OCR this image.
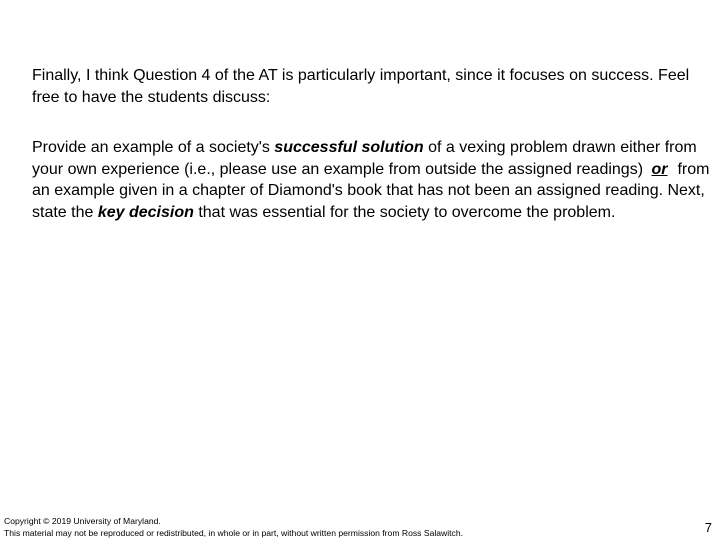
Finally, I think Question 4 of the AT is particularly important, since it focuses on success. Feel free to have the students discuss:

Provide an example of a society's successful solution of a vexing problem drawn either from your own experience (i.e., please use an example from outside the assigned readings) or from an example given in a chapter of Diamond's book that has not been an assigned reading. Next, state the key decision that was essential for the society to overcome the problem.

Copyright © 2019 University of Maryland.
This material may not be reproduced or redistributed, in whole or in part, without written permission from Ross Salawitch.	7
